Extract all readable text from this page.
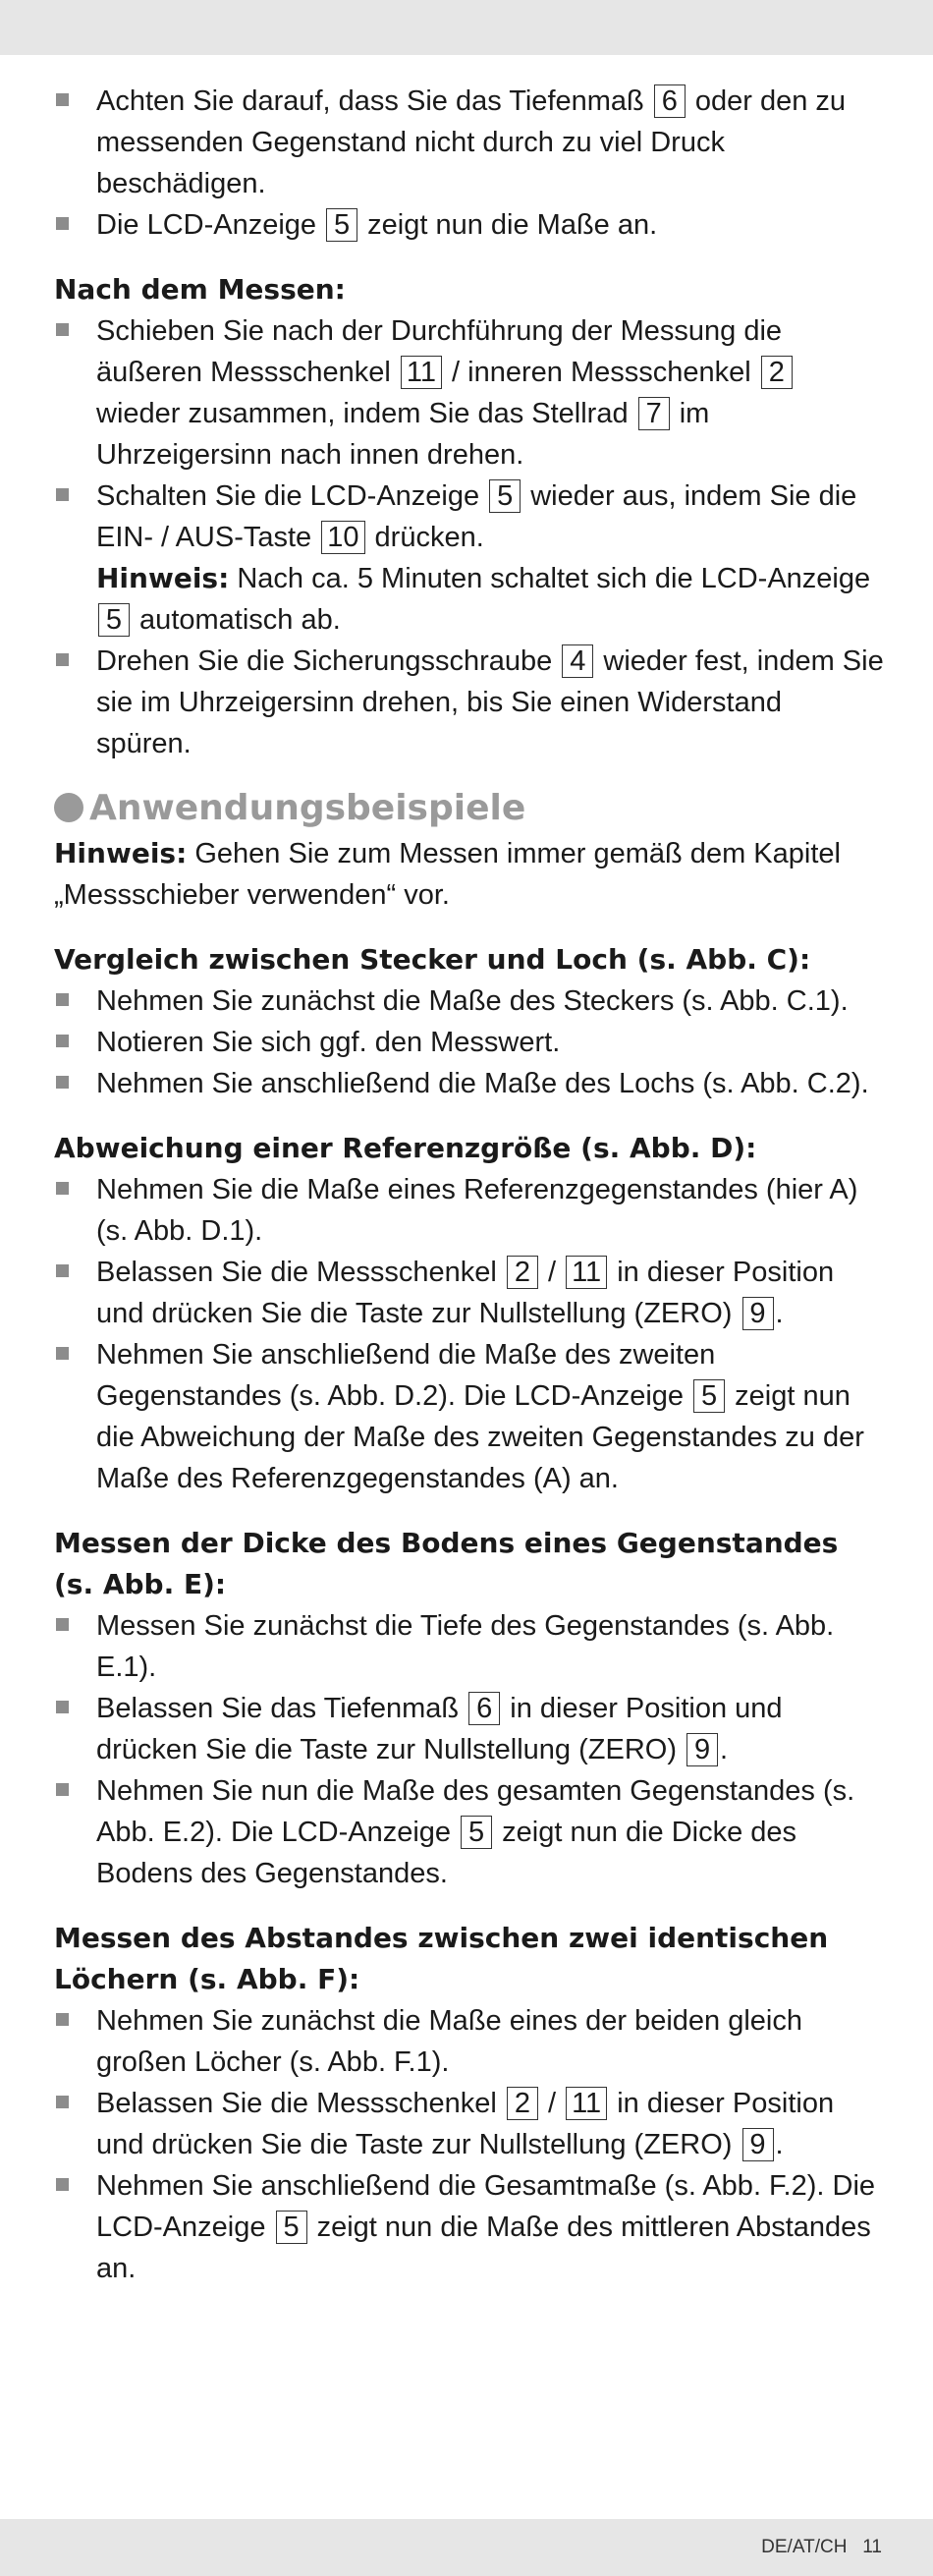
Achten Sie darauf, dass Sie das Tiefenmaß 6 oder den zu messenden Gegenstand nicht durch zu viel Druck beschädigen.
Die LCD-Anzeige 5 zeigt nun die Maße an.
Nach dem Messen:
Schieben Sie nach der Durchführung der Messung die äußeren Messschenkel 11 / inneren Messschenkel 2 wieder zusammen, indem Sie das Stellrad 7 im Uhrzeigersinn nach innen drehen.
Schalten Sie die LCD-Anzeige 5 wieder aus, indem Sie die EIN- / AUS-Taste 10 drücken.
Hinweis: Nach ca. 5 Minuten schaltet sich die LCD-Anzeige 5 automatisch ab.
Drehen Sie die Sicherungsschraube 4 wieder fest, indem Sie sie im Uhrzeigersinn drehen, bis Sie einen Widerstand spüren.
Anwendungsbeispiele
Hinweis: Gehen Sie zum Messen immer gemäß dem Kapitel „Messschieber verwenden“ vor.
Vergleich zwischen Stecker und Loch (s. Abb. C):
Nehmen Sie zunächst die Maße des Steckers (s. Abb. C.1).
Notieren Sie sich ggf. den Messwert.
Nehmen Sie anschließend die Maße des Lochs (s. Abb. C.2).
Abweichung einer Referenzgröße (s. Abb. D):
Nehmen Sie die Maße eines Referenzgegenstandes (hier A) (s. Abb. D.1).
Belassen Sie die Messschenkel 2 / 11 in dieser Position und drücken Sie die Taste zur Nullstellung (ZERO) 9 .
Nehmen Sie anschließend die Maße des zweiten Gegenstandes (s. Abb. D.2). Die LCD-Anzeige 5 zeigt nun die Abweichung der Maße des zweiten Gegenstandes zu der Maße des Referenzgegenstandes (A) an.
Messen der Dicke des Bodens eines Gegenstandes (s. Abb. E):
Messen Sie zunächst die Tiefe des Gegenstandes (s. Abb. E.1).
Belassen Sie das Tiefenmaß 6 in dieser Position und drücken Sie die Taste zur Nullstellung (ZERO) 9 .
Nehmen Sie nun die Maße des gesamten Gegenstandes (s. Abb. E.2). Die LCD-Anzeige 5 zeigt nun die Dicke des Bodens des Gegenstandes.
Messen des Abstandes zwischen zwei identischen Löchern (s. Abb. F):
Nehmen Sie zunächst die Maße eines der beiden gleich großen Löcher (s. Abb. F.1).
Belassen Sie die Messschenkel 2 / 11 in dieser Position und drücken Sie die Taste zur Nullstellung (ZERO) 9 .
Nehmen Sie anschließend die Gesamtmaße (s. Abb. F.2). Die LCD-Anzeige 5 zeigt nun die Maße des mittleren Abstandes an.
DE/AT/CH 11
